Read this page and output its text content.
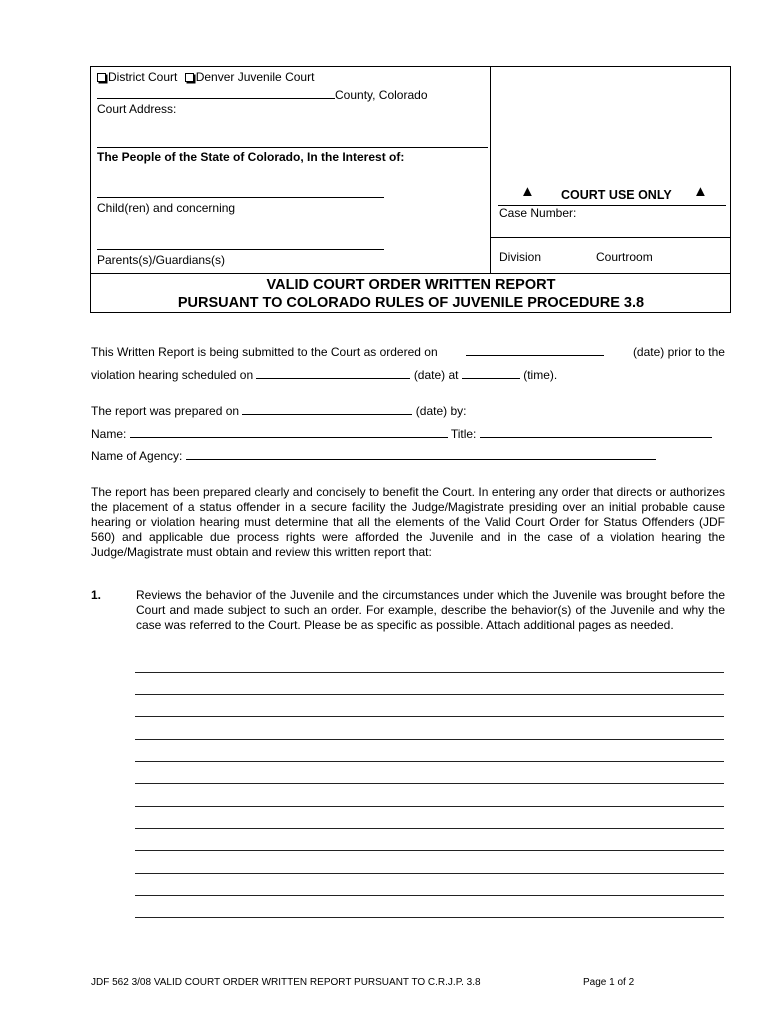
District Court Denver Juvenile Court
County, Colorado
Court Address:
The People of the State of Colorado, In the Interest of:
Child(ren) and concerning
Parents(s)/Guardians(s)
▲ COURT USE ONLY ▲
Case Number:
Division	Courtroom
VALID COURT ORDER WRITTEN REPORT
PURSUANT TO COLORADO RULES OF JUVENILE PROCEDURE 3.8
This Written Report is being submitted to the Court as ordered on	(date) prior to the
violation hearing scheduled on	(date) at	(time).
The report was prepared on	(date) by:
Name:	Title:
Name of Agency:
The report has been prepared clearly and concisely to benefit the Court. In entering any order that directs or authorizes the placement of a status offender in a secure facility the Judge/Magistrate presiding over an initial probable cause hearing or violation hearing must determine that all the elements of the Valid Court Order for Status Offenders (JDF 560) and applicable due process rights were afforded the Juvenile and in the case of a violation hearing the Judge/Magistrate must obtain and review this written report that:
1.	Reviews the behavior of the Juvenile and the circumstances under which the Juvenile was brought before the Court and made subject to such an order. For example, describe the behavior(s) of the Juvenile and why the case was referred to the Court. Please be as specific as possible. Attach additional pages as needed.
JDF 562 3/08 VALID COURT ORDER WRITTEN REPORT PURSUANT TO C.R.J.P. 3.8	Page 1 of 2
